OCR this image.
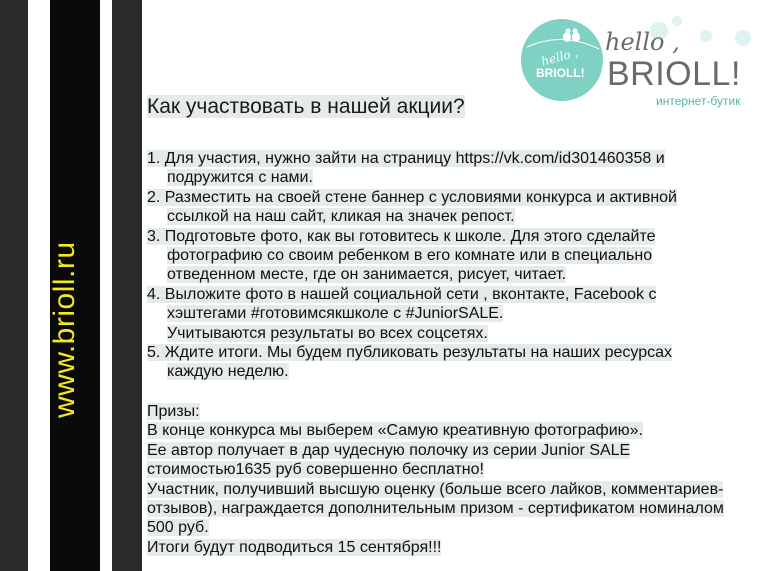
www.brioll.ru
hello ,
BRIOLL!
hello ,
BRIOLL!
интернет-бутик
Как участвовать в нашей акции?
1. Для участия, нужно зайти на страницу https://vk.com/id301460358 и

подружится с нами.
2. Разместить на своей стене баннер с условиями конкурса и активной

ссылкой на наш сайт, кликая на значек репост.
3. Подготовьте фото, как вы готовитесь к школе. Для этого сделайте

фотографию со своим ребенком в его комнате или в специально
отведенном месте, где он занимается, рисует, читает.
4. Выложите фото в нашей социальной сети , вконтакте, Facebook с

хэштегами #готовимсякшколе с #JuniorSALE.
Учитываются результаты во всех соцсетях.
5. Ждите итоги. Мы будем публиковать результаты на наших ресурсах

каждую неделю.
Призы:
В конце конкурса мы выберем «Самую креативную фотографию».
Ее автор получает в дар чудесную полочку из серии Junior SALE
стоимостью1635 руб совершенно бесплатно!
Участник, получивший высшую оценку (больше всего лайков, комментариев-
отзывов), награждается дополнительным призом - сертификатом номиналом
500 руб.
Итоги будут подводиться 15 сентября!!!
